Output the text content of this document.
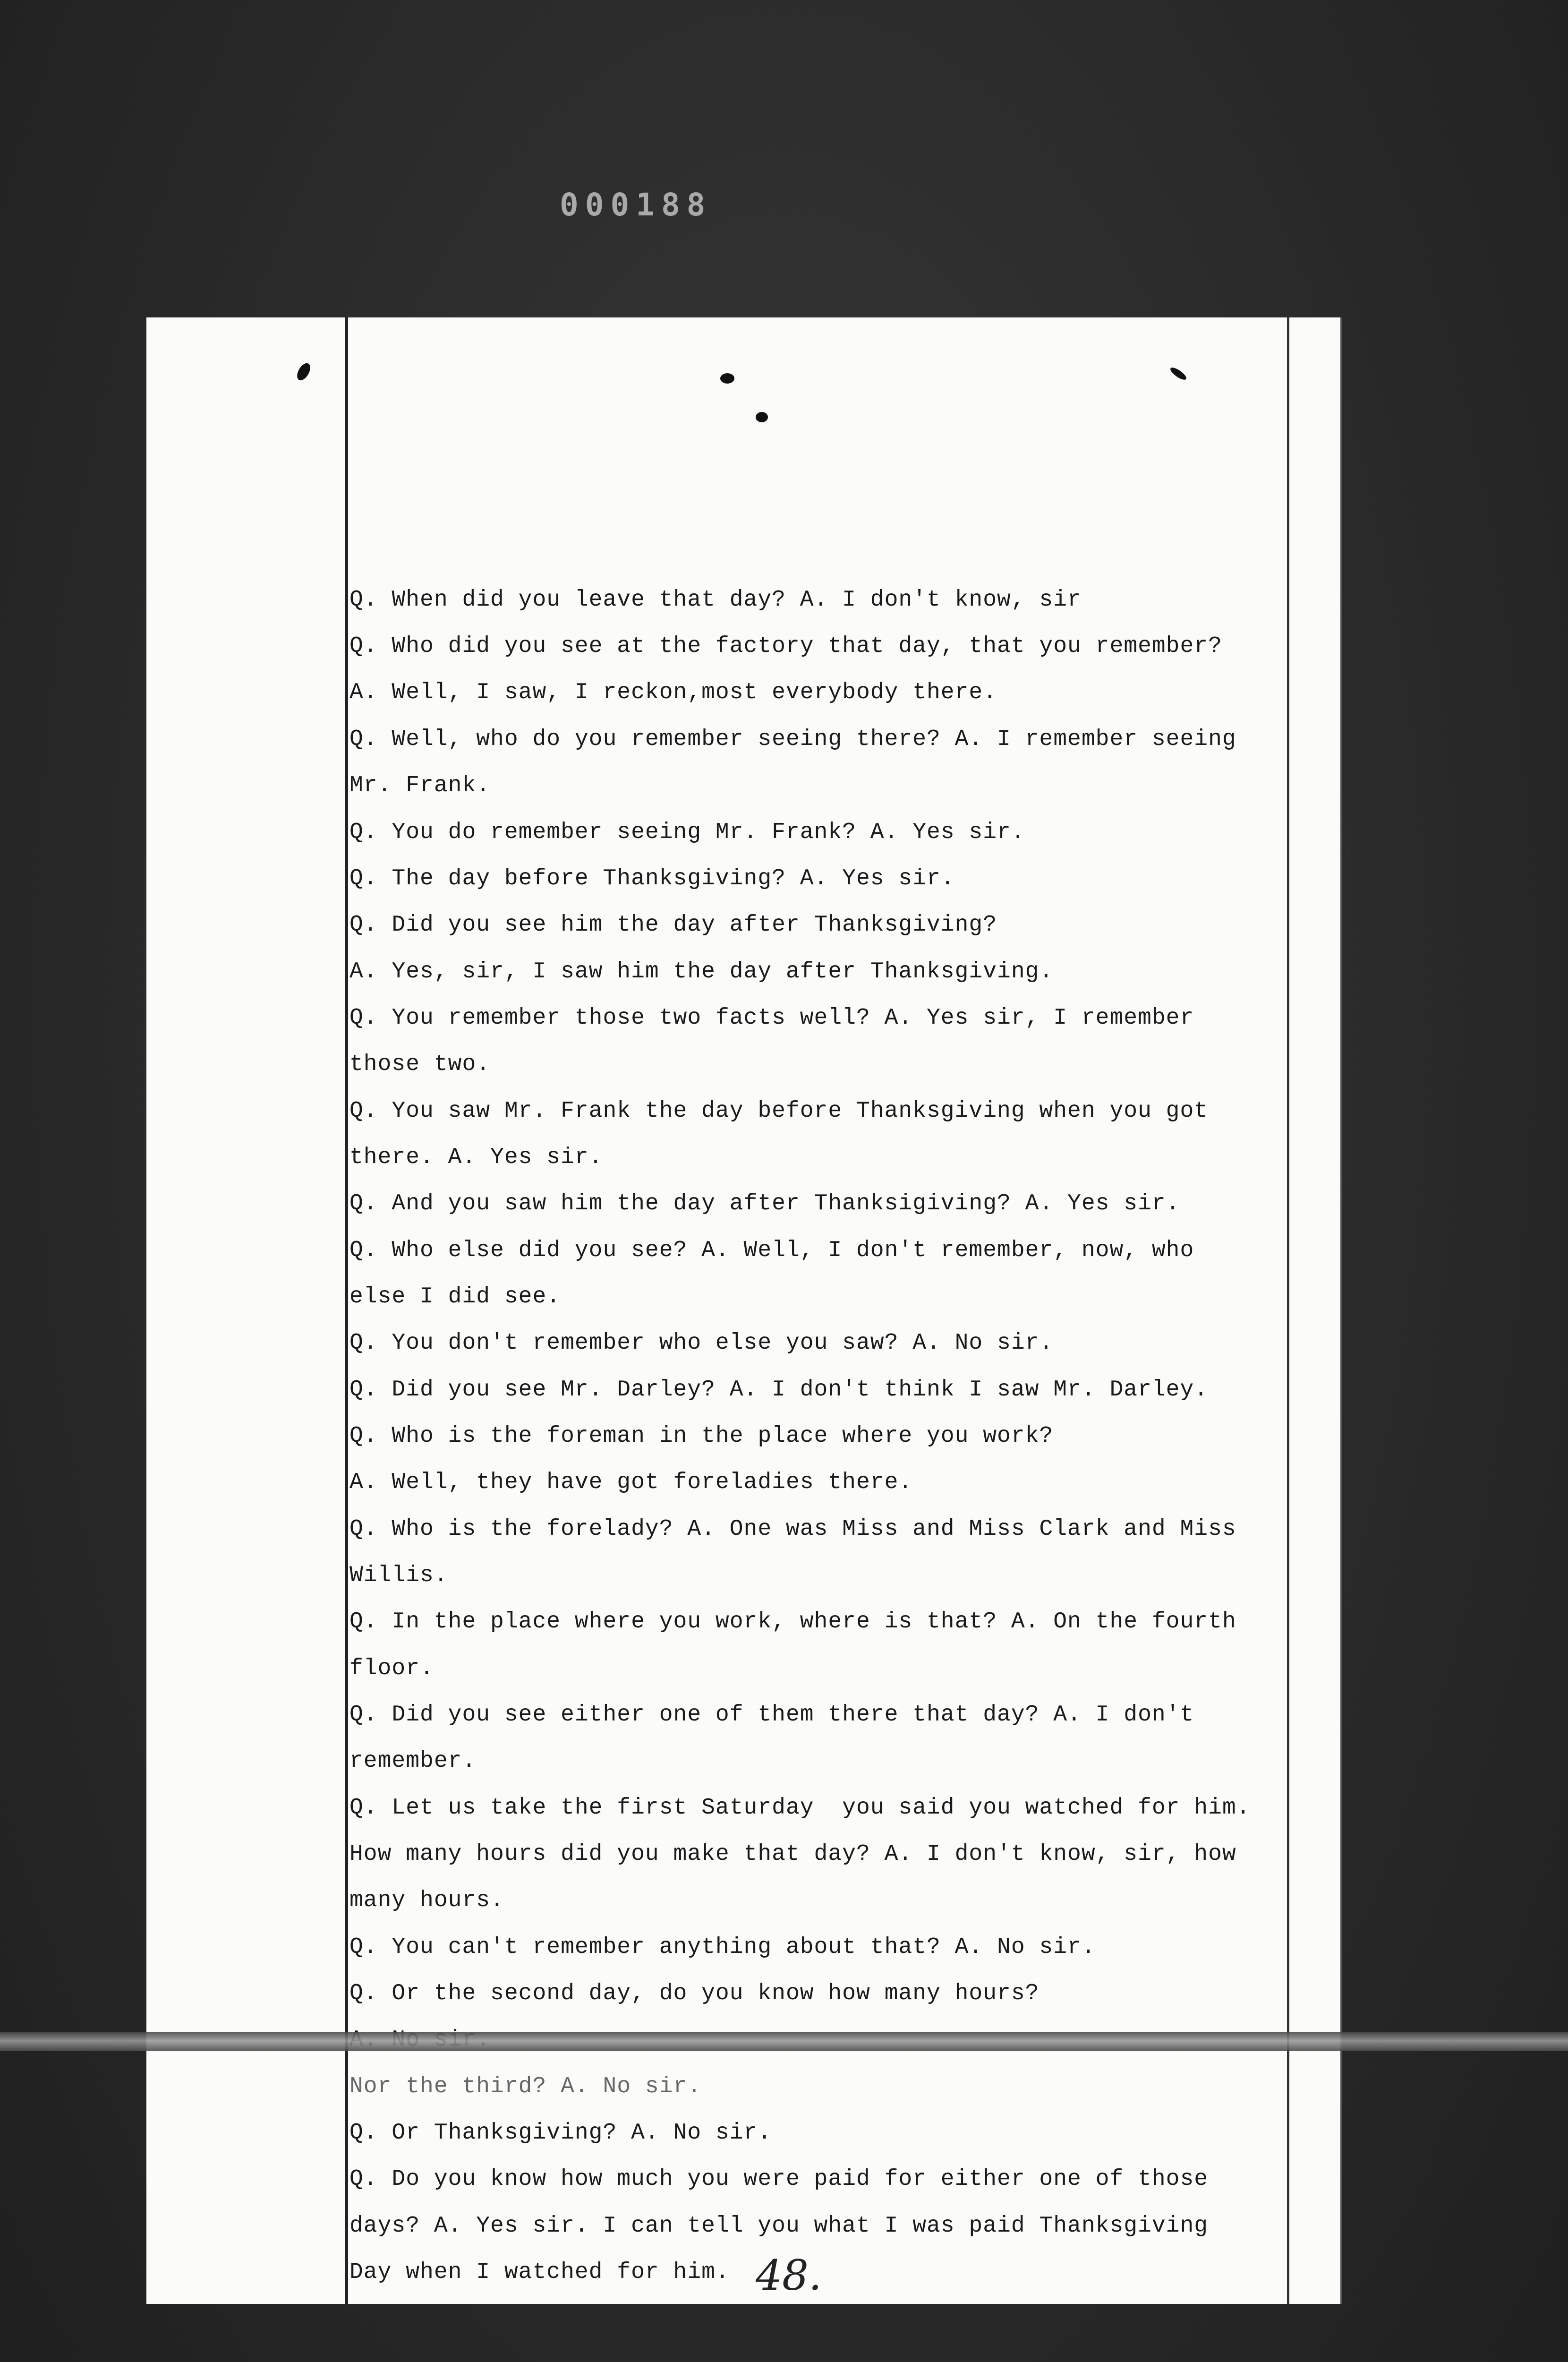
000188
Q. When did you leave that day? A. I don't know, sir
Q. Who did you see at the factory that day, that you remember?
A. Well, I saw, I reckon,most everybody there.
Q. Well, who do you remember seeing there? A. I remember seeing
Mr. Frank.
Q. You do remember seeing Mr. Frank? A. Yes sir.
Q. The day before Thanksgiving? A. Yes sir.
Q. Did you see him the day after Thanksgiving?
A. Yes, sir, I saw him the day after Thanksgiving.
Q. You remember those two facts well? A. Yes sir, I remember
those two.
Q. You saw Mr. Frank the day before Thanksgiving when you got
there. A. Yes sir.
Q. And you saw him the day after Thanksigiving? A. Yes sir.
Q. Who else did you see? A. Well, I don't remember, now, who
else I did see.
Q. You don't remember who else you saw? A. No sir.
Q. Did you see Mr. Darley? A. I don't think I saw Mr. Darley.
Q. Who is the foreman in the place where you work?
A. Well, they have got foreladies there.
Q. Who is the forelady? A. One was Miss and Miss Clark and Miss
Willis.
Q. In the place where you work, where is that? A. On the fourth
floor.
Q. Did you see either one of them there that day? A. I don't
remember.
Q. Let us take the first Saturday  you said you watched for him.
How many hours did you make that day? A. I don't know, sir, how
many hours.
Q. You can't remember anything about that? A. No sir.
Q. Or the second day, do you know how many hours?
Nor the third? A. No sir.
Q. Or Thanksgiving? A. No sir.
Q. Do you know how much you were paid for either one of those
days? A. Yes sir. I can tell you what I was paid Thanksgiving
Day when I watched for him. 48.
